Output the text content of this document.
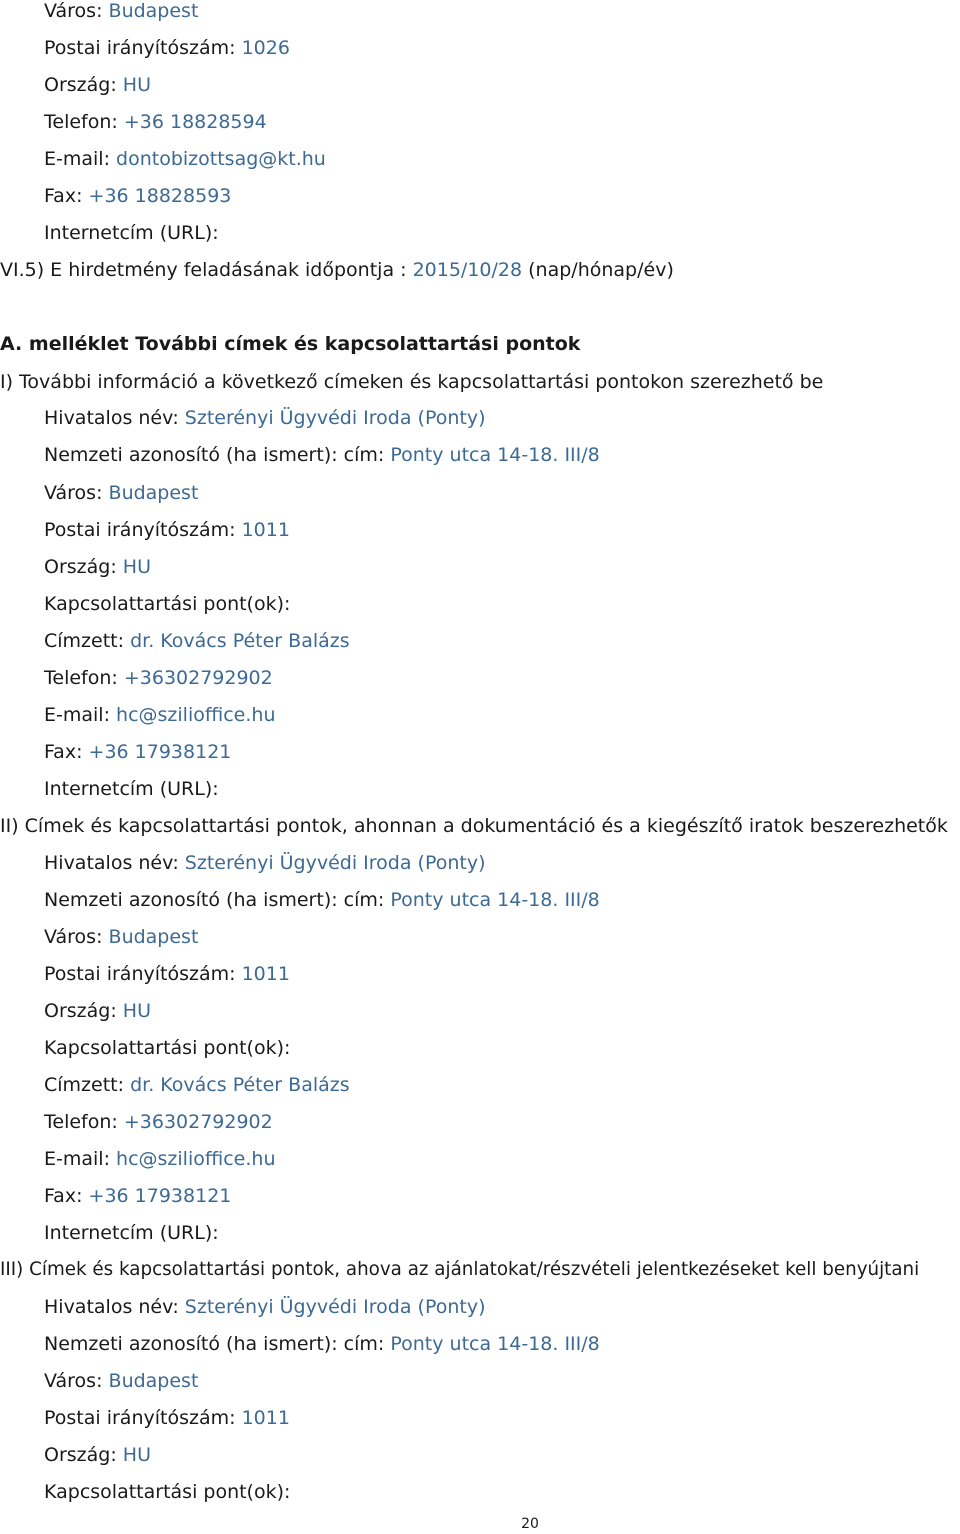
Város: Budapest
Postai irányítószám: 1026
Ország: HU
Telefon: +36 18828594
E-mail: dontobizottsag@kt.hu
Fax: +36 18828593
Internetcím (URL):
VI.5) E hirdetmény feladásának időpontja : 2015/10/28 (nap/hónap/év)
A. melléklet További címek és kapcsolattartási pontok
I) További információ a következő címeken és kapcsolattartási pontokon szerezhető be
Hivatalos név: Szterényi Ügyvédi Iroda (Ponty)
Nemzeti azonosító (ha ismert): cím: Ponty utca 14-18. III/8
Város: Budapest
Postai irányítószám: 1011
Ország: HU
Kapcsolattartási pont(ok):
Címzett: dr. Kovács Péter Balázs
Telefon: +36302792902
E-mail: hc@szilioffice.hu
Fax: +36 17938121
Internetcím (URL):
II) Címek és kapcsolattartási pontok, ahonnan a dokumentáció és a kiegészítő iratok beszerezhetők
Hivatalos név: Szterényi Ügyvédi Iroda (Ponty)
Nemzeti azonosító (ha ismert): cím: Ponty utca 14-18. III/8
Város: Budapest
Postai irányítószám: 1011
Ország: HU
Kapcsolattartási pont(ok):
Címzett: dr. Kovács Péter Balázs
Telefon: +36302792902
E-mail: hc@szilioffice.hu
Fax: +36 17938121
Internetcím (URL):
III) Címek és kapcsolattartási pontok, ahova az ajánlatokat/részvételi jelentkezéseket kell benyújtani
Hivatalos név: Szterényi Ügyvédi Iroda (Ponty)
Nemzeti azonosító (ha ismert): cím: Ponty utca 14-18. III/8
Város: Budapest
Postai irányítószám: 1011
Ország: HU
Kapcsolattartási pont(ok):
20
